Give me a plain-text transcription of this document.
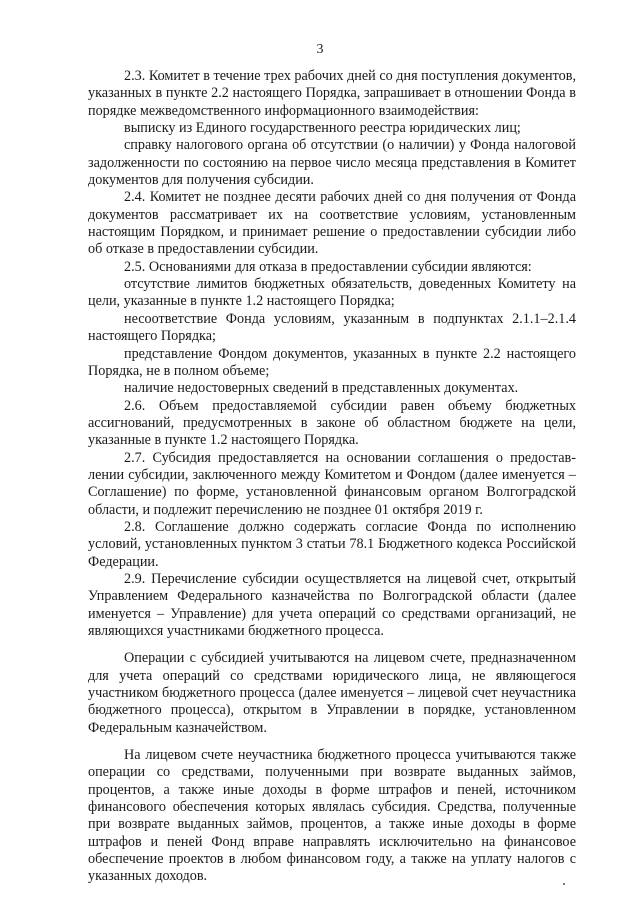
3

2.3. Комитет в течение трех рабочих дней со дня поступления документов, указанных в пункте 2.2 настоящего Порядка, запрашивает в отношении Фонда в порядке межведомственного информационного взаимодействия:

выписку из Единого государственного реестра юридических лиц;

справку налогового органа об отсутствии (о наличии) у Фонда налоговой задолженности по состоянию на первое число месяца представления в Комитет документов для получения субсидии.

2.4. Комитет не позднее десяти рабочих дней со дня получения от Фонда документов рассматривает их на соответствие условиям, установленным настоящим Порядком, и принимает решение о предоставлении субсидии либо об отказе в предоставлении субсидии.

2.5. Основаниями для отказа в предоставлении субсидии являются:

отсутствие лимитов бюджетных обязательств, доведенных Комитету на цели, указанные в пункте 1.2 настоящего Порядка;

несоответствие Фонда условиям, указанным в подпунктах 2.1.1–2.1.4 настоящего Порядка;

представление Фондом документов, указанных в пункте 2.2 настоящего Порядка, не в полном объеме;

наличие недостоверных сведений в представленных документах.

2.6. Объем предоставляемой субсидии равен объему бюджетных ассигнований, предусмотренных в законе об областном бюджете на цели, указанные в пункте 1.2 настоящего Порядка.

2.7. Субсидия предоставляется на основании соглашения о предоставлении субсидии, заключенного между Комитетом и Фондом (далее именуется – Соглашение) по форме, установленной финансовым органом Волгоградской области, и подлежит перечислению не позднее 01 октября 2019 г.

2.8. Соглашение должно содержать согласие Фонда по исполнению условий, установленных пунктом 3 статьи 78.1 Бюджетного кодекса Российской Федерации.

2.9. Перечисление субсидии осуществляется на лицевой счет, открытый Управлением Федерального казначейства по Волгоградской области (далее именуется – Управление) для учета операций со средствами организаций, не являющихся участниками бюджетного процесса.

Операции с субсидией учитываются на лицевом счете, предназначенном для учета операций со средствами юридического лица, не являющегося участником бюджетного процесса (далее именуется – лицевой счет неучастника бюджетного процесса), открытом в Управлении в порядке, установленном Федеральным казначейством.

На лицевом счете неучастника бюджетного процесса учитываются также операции со средствами, полученными при возврате выданных займов, процентов, а также иные доходы в форме штрафов и пеней, источником финансового обеспечения которых являлась субсидия. Средства, полученные при возврате выданных займов, процентов, а также иные доходы в форме штрафов и пеней Фонд вправе направлять исключительно на финансовое обеспечение проектов в любом финансовом году, а также на уплату налогов с указанных доходов.
